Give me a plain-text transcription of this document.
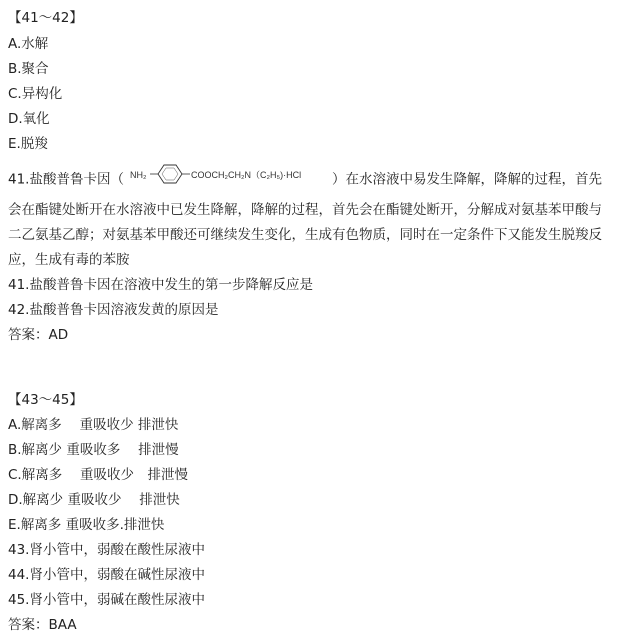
【41～42】
A.水解
B.聚合
C.异构化
D.氧化
E.脱羧
41.盐酸普鲁卡因（ NH₂	COOCH₂CH₂N（C₂H₅)·HCl ）在水溶液中易发生降解，降解的过程，首先
会在酯键处断开在水溶液中已发生降解，降解的过程，首先会在酯键处断开，分解成对氨基苯甲酸与二乙氨基乙醇；对氨基苯甲酸还可继续发生变化，生成有色物质，同时在一定条件下又能发生脱羧反应，生成有毒的苯胺
41.盐酸普鲁卡因在溶液中发生的第一步降解反应是
42.盐酸普鲁卡因溶液发黄的原因是
答案：AD
【43～45】
A.解离多　 重吸收少 排泄快
B.解离少 重吸收多　 排泄慢
C.解离多　 重吸收少　排泄慢
D.解离少 重吸收少　 排泄快
E.解离多 重吸收多.排泄快
43.肾小管中，弱酸在酸性尿液中
44.肾小管中，弱酸在碱性尿液中
45.肾小管中，弱碱在酸性尿液中
答案：BAA
